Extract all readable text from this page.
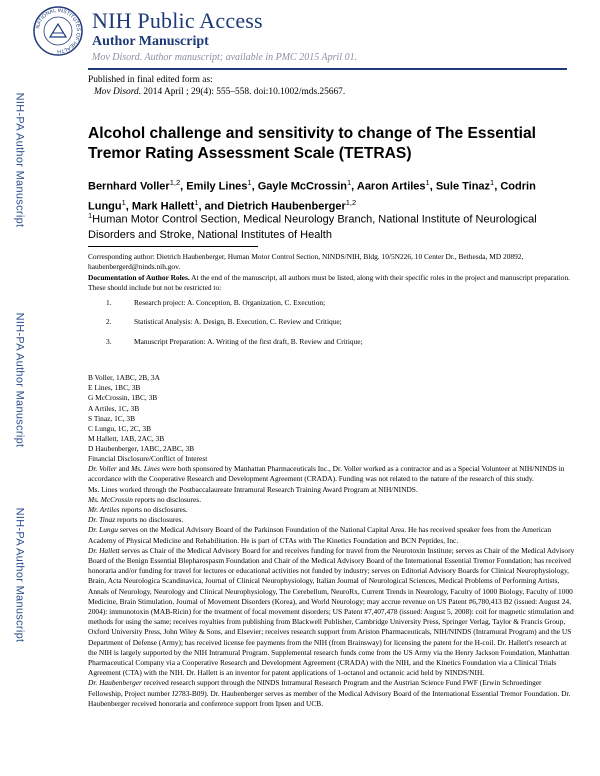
NATIONAL INSTITUTES OF HEALTH
NIH Public Access
Author Manuscript
Mov Disord. Author manuscript; available in PMC 2015 April 01.
NIH-PA Author Manuscript
NIH-PA Author Manuscript
NIH-PA Author Manuscript
Published in final edited form as:
Mov Disord. 2014 April ; 29(4): 555–558. doi:10.1002/mds.25667.
Alcohol challenge and sensitivity to change of The Essential Tremor Rating Assessment Scale (TETRAS)
Bernhard Voller$^{1,2}$, Emily Lines$^1$, Gayle McCrossin$^1$, Aaron Artiles$^1$, Sule Tinaz$^1$, Codrin Lungu$^1$, Mark Hallett$^1$, and Dietrich Haubenberger$^{1,2}$
$^1$Human Motor Control Section, Medical Neurology Branch, National Institute of Neurological Disorders and Stroke, National Institutes of Health
Corresponding author: Dietrich Haubenberger, Human Motor Control Section, NINDS/NIH, Bldg. 10/5N226, 10 Center Dr., Bethesda, MD 20892, haubenbergerd@ninds.nih.gov.
Documentation of Author Roles. At the end of the manuscript, all authors must be listed, along with their specific roles in the project and manuscript preparation. These should include but not be restricted to:
1.	Research project: A. Conception, B. Organization, C. Execution;
2.	Statistical Analysis: A. Design, B. Execution, C. Review and Critique;
3.	Manuscript Preparation: A. Writing of the first draft, B. Review and Critique;
B Voller, 1ABC, 2B, 3A
E Lines, 1BC, 3B
G McCrossin, 1BC, 3B
A Artiles, 1C, 3B
S Tinaz, 1C, 3B
C Lungu, 1C, 2C, 3B
M Hallett, 1AB, 2AC, 3B
D Haubenberger, 1ABC, 2ABC, 3B

Financial Disclosure/Conflict of Interest

Dr. Voller and Ms. Lines were both sponsored by Manhattan Pharmaceuticals Inc., Dr. Voller worked as a contractor and as a Special Volunteer at NIH/NINDS in accordance with the Cooperative Research and Development Agreement (CRADA). Funding was not related to the nature of the research of this study.

Ms. Lines worked through the Postbaccalaureate Intramural Research Training Award Program at NIH/NINDS.

Ms. McCrossin reports no disclosures.

Mr. Artiles reports no disclosures.

Dr. Tinaz reports no disclosures.

Dr. Lungu serves on the Medical Advisory Board of the Parkinson Foundation of the National Capital Area. He has received speaker fees from the American Academy of Physical Medicine and Rehabilitation. He is part of CTAs with The Kinetics Foundation and BCN Peptides, Inc.

Dr. Hallett serves as Chair of the Medical Advisory Board for and receives funding for travel from the Neurotoxin Institute; serves as Chair of the Medical Advisory Board of the Benign Essential Blepharospasm Foundation and Chair of the Medical Advisory Board of the International Essential Tremor Foundation; has received honoraria and/or funding for travel for lectures or educational activities not funded by industry; serves on Editorial Advisory Boards for Clinical Neurophysiology, Brain, Acta Neurologica Scandinavica, Journal of Clinical Neurophysiology, Italian Journal of Neurological Sciences, Medical Problems of Performing Artists, Annals of Neurology, Neurology and Clinical Neurophysiology, The Cerebellum, NeuroRx, Current Trends in Neurology, Faculty of 1000 Biology, Faculty of 1000 Medicine, Brain Stimulation, Journal of Movement Disorders (Korea), and World Neurology; may accrue revenue on US Patent #6,780,413 B2 (issued: August 24, 2004): immunotoxin (MAB-Ricin) for the treatment of focal movement disorders; US Patent #7,407,478 (issued: August 5, 2008): coil for magnetic stimulation and methods for using the same; receives royalties from publishing from Blackwell Publisher, Cambridge University Press, Springer Verlag, Taylor & Francis Group, Oxford University Press, John Wiley & Sons, and Elsevier; receives research support from Ariston Pharmaceuticals, NIH/NINDS (Intramural Program) and the US Department of Defense (Army); has received license fee payments from the NIH (from Brainsway) for licensing the patent for the H-coil. Dr. Hallett's research at the NIH is largely supported by the NIH Intramural Program. Supplemental research funds come from the US Army via the Henry Jackson Foundation, Manhattan Pharmaceutical Company via a Cooperative Research and Development Agreement (CRADA) with the NIH, and the Kinetics Foundation via a Clinical Trials Agreement (CTA) with the NIH. Dr. Hallett is an inventor for patent applications of 1-octanol and octanoic acid held by NINDS/NIH.

Dr. Haubenberger received research support through the NINDS Intramural Research Program and the Austrian Science Fund FWF (Erwin Schroedinger Fellowship, Project number J2783-B09). Dr. Haubenberger serves as member of the Medical Advisory Board of the International Essential Tremor Foundation. Dr. Haubenberger received honoraria and conference support from Ipsen and UCB.
